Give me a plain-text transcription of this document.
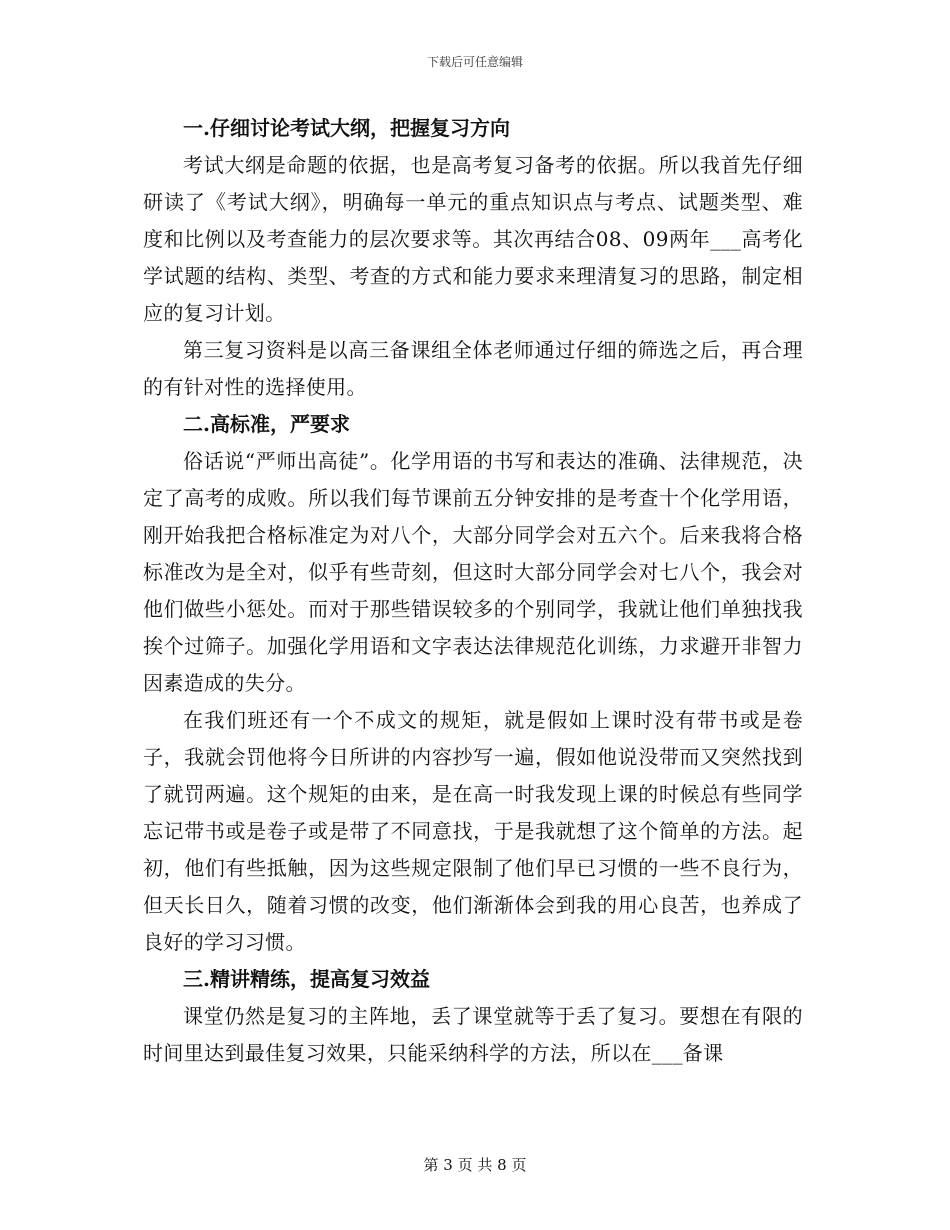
下载后可任意编辑

一.仔细讨论考试大纲，把握复习方向

考试大纲是命题的依据，也是高考复习备考的依据。所以我首先仔细研读了《考试大纲》，明确每一单元的重点知识点与考点、试题类型、难度和比例以及考查能力的层次要求等。其次再结合08、09两年___高考化学试题的结构、类型、考查的方式和能力要求来理清复习的思路，制定相应的复习计划。

第三复习资料是以高三备课组全体老师通过仔细的筛选之后，再合理的有针对性的选择使用。

二.高标准，严要求

俗话说“严师出高徒”。化学用语的书写和表达的准确、法律规范，决定了高考的成败。所以我们每节课前五分钟安排的是考查十个化学用语，刚开始我把合格标准定为对八个，大部分同学会对五六个。后来我将合格标准改为是全对，似乎有些苛刻，但这时大部分同学会对七八个，我会对他们做些小惩处。而对于那些错误较多的个别同学，我就让他们单独找我挨个过筛子。加强化学用语和文字表达法律规范化训练，力求避开非智力因素造成的失分。

在我们班还有一个不成文的规矩，就是假如上课时没有带书或是卷子，我就会罚他将今日所讲的内容抄写一遍，假如他说没带而又突然找到了就罚两遍。这个规矩的由来，是在高一时我发现上课的时候总有些同学忘记带书或是卷子或是带了不同意找，于是我就想了这个简单的方法。起初，他们有些抵触，因为这些规定限制了他们早已习惯的一些不良行为，但天长日久，随着习惯的改变，他们渐渐体会到我的用心良苦，也养成了良好的学习习惯。

三.精讲精练，提高复习效益

课堂仍然是复习的主阵地，丢了课堂就等于丢了复习。要想在有限的时间里达到最佳复习效果，只能采纳科学的方法，所以在___备课

第 3 页 共 8 页
